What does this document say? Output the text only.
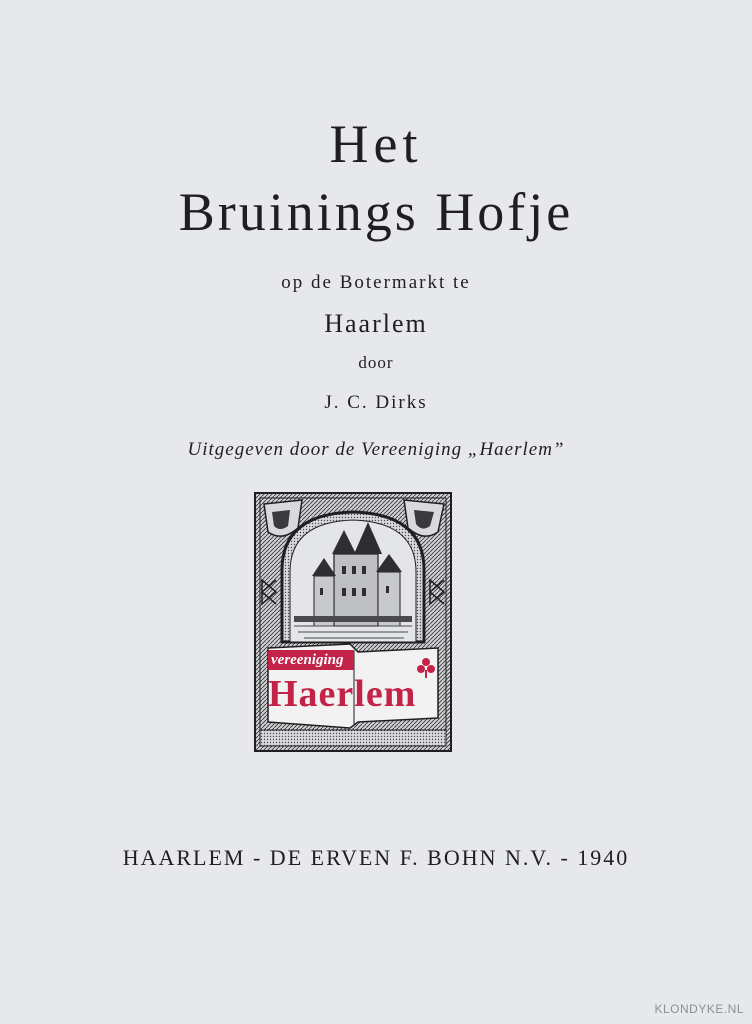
Het
Bruinings Hofje
op de Botermarkt te
Haarlem
door
J. C. Dirks
Uitgegeven door de Vereeniging „Haerlem”
vereeniging
Haerlem
HAARLEM - DE ERVEN F. BOHN N.V. - 1940
KLONDYKE.NL
